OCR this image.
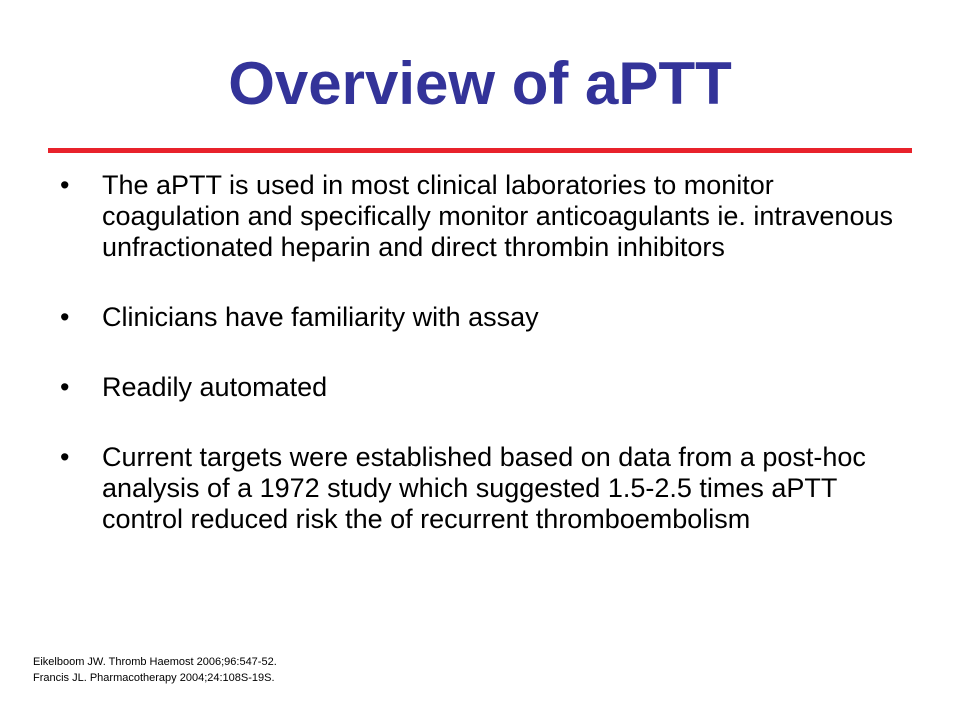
Overview of aPTT
• The aPTT is used in most clinical laboratories to monitor coagulation and specifically monitor anticoagulants ie. intravenous unfractionated heparin and direct thrombin inhibitors
• Clinicians have familiarity with assay
• Readily automated
• Current targets were established based on data from a post-hoc analysis of a 1972 study which suggested 1.5-2.5 times aPTT control reduced risk the of recurrent thromboembolism
Eikelboom JW. Thromb Haemost 2006;96:547-52.
Francis JL. Pharmacotherapy 2004;24:108S-19S.
